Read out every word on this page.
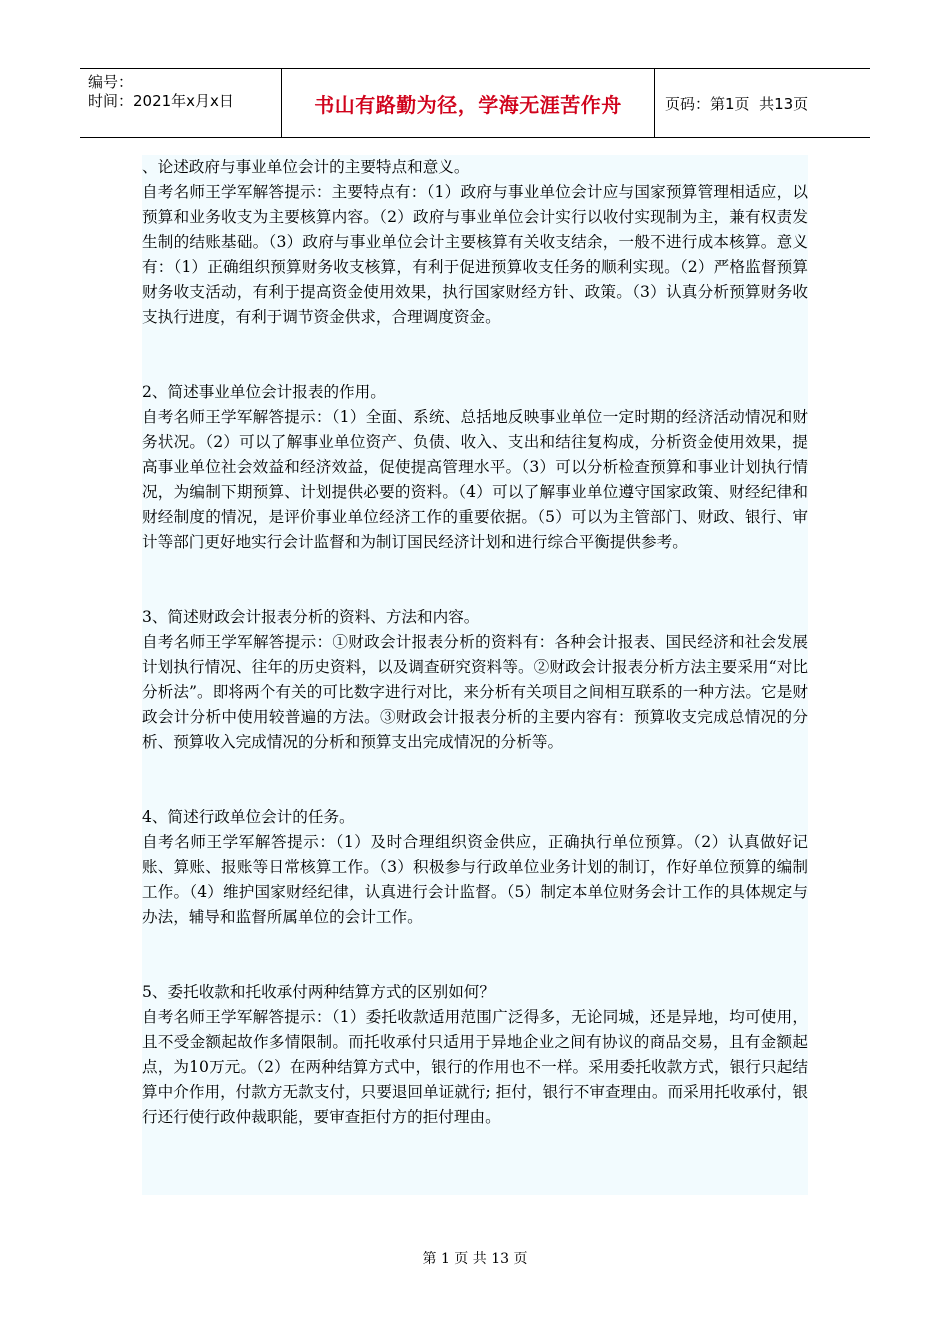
编号：
时间：2021年x月x日	书山有路勤为径，学海无涯苦作舟	页码：第1页  共13页

、论述政府与事业单位会计的主要特点和意义。

自考名师王学军解答提示：主要特点有：（1）政府与事业单位会计应与国家预算管理相适应，以预算和业务收支为主要核算内容。（2）政府与事业单位会计实行以收付实现制为主，兼有权责发生制的结账基础。（3）政府与事业单位会计主要核算有关收支结余，一般不进行成本核算。意义有：（1）正确组织预算财务收支核算，有利于促进预算收支任务的顺利实现。（2）严格监督预算财务收支活动，有利于提高资金使用效果，执行国家财经方针、政策。（3）认真分析预算财务收支执行进度，有利于调节资金供求，合理调度资金。

2、简述事业单位会计报表的作用。

自考名师王学军解答提示：（1）全面、系统、总括地反映事业单位一定时期的经济活动情况和财务状况。（2）可以了解事业单位资产、负债、收入、支出和结往复构成，分析资金使用效果，提高事业单位社会效益和经济效益，促使提高管理水平。（3）可以分析检查预算和事业计划执行情况，为编制下期预算、计划提供必要的资料。（4）可以了解事业单位遵守国家政策、财经纪律和财经制度的情况，是评价事业单位经济工作的重要依据。（5）可以为主管部门、财政、银行、审计等部门更好地实行会计监督和为制订国民经济计划和进行综合平衡提供参考。

3、简述财政会计报表分析的资料、方法和内容。

自考名师王学军解答提示：①财政会计报表分析的资料有：各种会计报表、国民经济和社会发展计划执行情况、往年的历史资料，以及调查研究资料等。②财政会计报表分析方法主要采用“对比分析法”。即将两个有关的可比数字进行对比，来分析有关项目之间相互联系的一种方法。它是财政会计分析中使用较普遍的方法。③财政会计报表分析的主要内容有：预算收支完成总情况的分析、预算收入完成情况的分析和预算支出完成情况的分析等。

4、简述行政单位会计的任务。

自考名师王学军解答提示：（1）及时合理组织资金供应，正确执行单位预算。（2）认真做好记账、算账、报账等日常核算工作。（3）积极参与行政单位业务计划的制订，作好单位预算的编制工作。（4）维护国家财经纪律，认真进行会计监督。（5）制定本单位财务会计工作的具体规定与办法，辅导和监督所属单位的会计工作。

5、委托收款和托收承付两种结算方式的区别如何？

自考名师王学军解答提示：（1）委托收款适用范围广泛得多，无论同城，还是异地，均可使用，且不受金额起故作多情限制。而托收承付只适用于异地企业之间有协议的商品交易，且有金额起点，为10万元。（2）在两种结算方式中，银行的作用也不一样。采用委托收款方式，银行只起结算中介作用，付款方无款支付，只要退回单证就行; 拒付，银行不审查理由。而采用托收承付，银行还行使行政仲裁职能，要审查拒付方的拒付理由。

第 1 页 共 13 页
